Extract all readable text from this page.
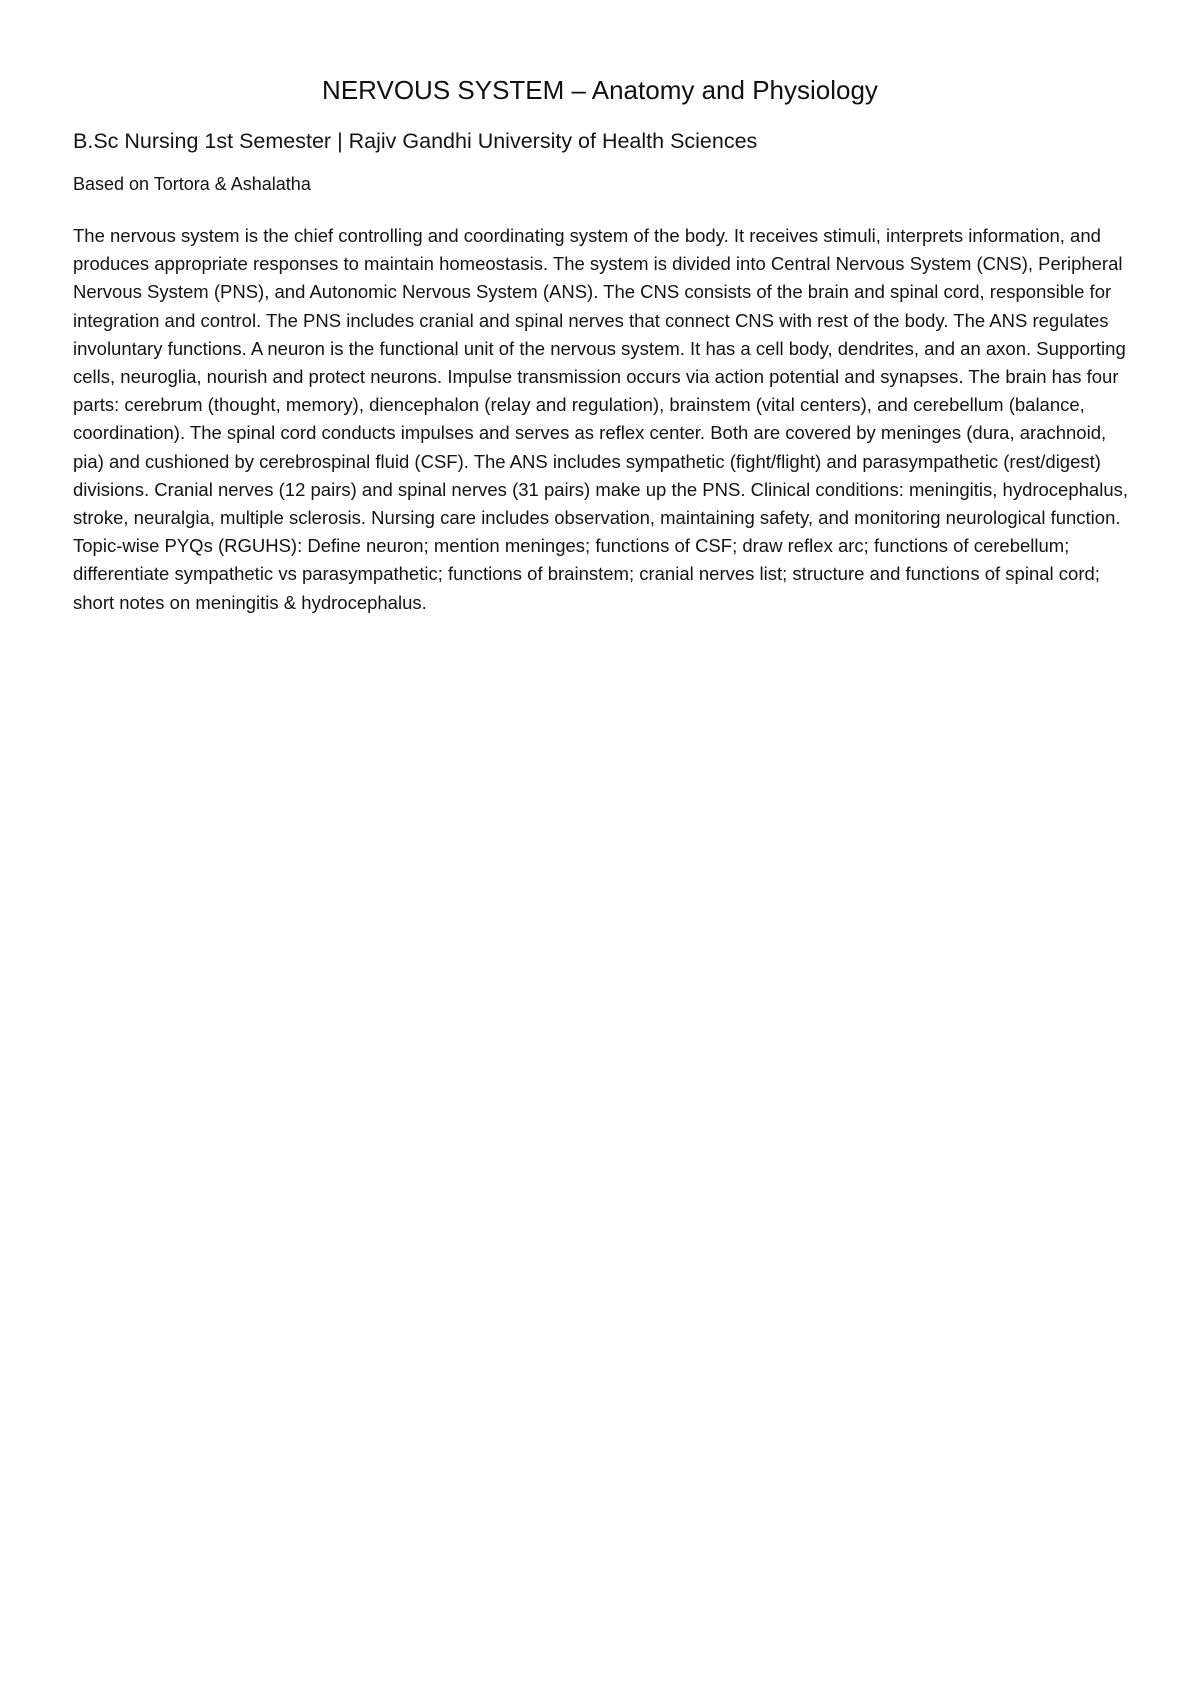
NERVOUS SYSTEM – Anatomy and Physiology

B.Sc Nursing 1st Semester | Rajiv Gandhi University of Health Sciences

Based on Tortora & Ashalatha

The nervous system is the chief controlling and coordinating system of the body. It receives stimuli, interprets information, and produces appropriate responses to maintain homeostasis. The system is divided into Central Nervous System (CNS), Peripheral Nervous System (PNS), and Autonomic Nervous System (ANS). The CNS consists of the brain and spinal cord, responsible for integration and control. The PNS includes cranial and spinal nerves that connect CNS with rest of the body. The ANS regulates involuntary functions. A neuron is the functional unit of the nervous system. It has a cell body, dendrites, and an axon. Supporting cells, neuroglia, nourish and protect neurons. Impulse transmission occurs via action potential and synapses. The brain has four parts: cerebrum (thought, memory), diencephalon (relay and regulation), brainstem (vital centers), and cerebellum (balance, coordination). The spinal cord conducts impulses and serves as reflex center. Both are covered by meninges (dura, arachnoid, pia) and cushioned by cerebrospinal fluid (CSF). The ANS includes sympathetic (fight/flight) and parasympathetic (rest/digest) divisions. Cranial nerves (12 pairs) and spinal nerves (31 pairs) make up the PNS. Clinical conditions: meningitis, hydrocephalus, stroke, neuralgia, multiple sclerosis. Nursing care includes observation, maintaining safety, and monitoring neurological function. Topic-wise PYQs (RGUHS): Define neuron; mention meninges; functions of CSF; draw reflex arc; functions of cerebellum; differentiate sympathetic vs parasympathetic; functions of brainstem; cranial nerves list; structure and functions of spinal cord; short notes on meningitis & hydrocephalus.
